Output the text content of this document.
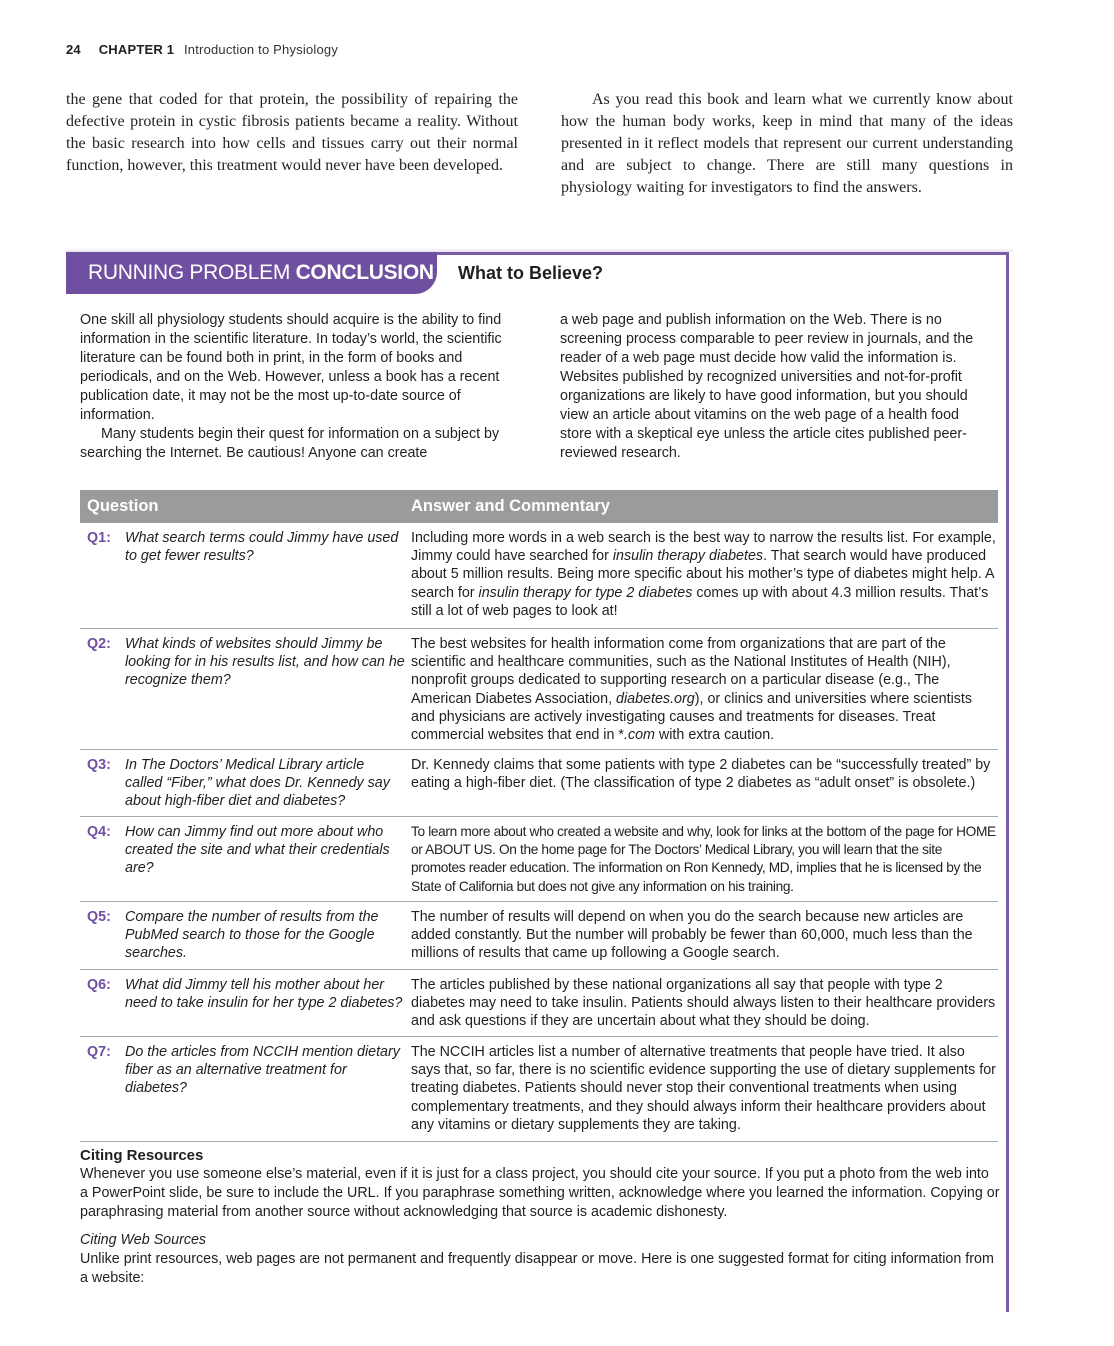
24 CHAPTER 1 Introduction to Physiology

the gene that coded for that protein, the possibility of repairing the defective protein in cystic fibrosis patients became a reality. Without the basic research into how cells and tissues carry out their normal function, however, this treatment would never have been developed.

As you read this book and learn what we currently know about how the human body works, keep in mind that many of the ideas presented in it reflect models that represent our current understanding and are subject to change. There are still many questions in physiology waiting for investigators to find the answers.

RUNNING PROBLEM CONCLUSION What to Believe?

One skill all physiology students should acquire is the ability to find information in the scientific literature. In today’s world, the scientific literature can be found both in print, in the form of books and periodicals, and on the Web. However, unless a book has a recent publication date, it may not be the most up-to-date source of information.

Many students begin their quest for information on a subject by searching the Internet. Be cautious! Anyone can create

a web page and publish information on the Web. There is no screening process comparable to peer review in journals, and the reader of a web page must decide how valid the information is. Websites published by recognized universities and not-for-profit organizations are likely to have good information, but you should view an article about vitamins on the web page of a health food store with a skeptical eye unless the article cites published peer-reviewed research.

Question	Answer and Commentary
Q1: What search terms could Jimmy have used to get fewer results?
Including more words in a web search is the best way to narrow the results list. For example, Jimmy could have searched for insulin therapy diabetes. That search would have produced about 5 million results. Being more specific about his mother’s type of diabetes might help. A search for insulin therapy for type 2 diabetes comes up with about 4.3 million results. That’s still a lot of web pages to look at!
Q2: What kinds of websites should Jimmy be looking for in his results list, and how can he recognize them?
The best websites for health information come from organizations that are part of the scientific and healthcare communities, such as the National Institutes of Health (NIH), nonprofit groups dedicated to supporting research on a particular disease (e.g., The American Diabetes Association, diabetes.org), or clinics and universities where scientists and physicians are actively investigating causes and treatments for diseases. Treat commercial websites that end in *.com with extra caution.
Q3: In The Doctors’ Medical Library article called “Fiber,” what does Dr. Kennedy say about high-fiber diet and diabetes?
Dr. Kennedy claims that some patients with type 2 diabetes can be “successfully treated” by eating a high-fiber diet. (The classification of type 2 diabetes as “adult onset” is obsolete.)
Q4: How can Jimmy find out more about who created the site and what their credentials are?
To learn more about who created a website and why, look for links at the bottom of the page for HOME or ABOUT US. On the home page for The Doctors’ Medical Library, you will learn that the site promotes reader education. The information on Ron Kennedy, MD, implies that he is licensed by the State of California but does not give any information on his training.
Q5: Compare the number of results from the PubMed search to those for the Google searches.
The number of results will depend on when you do the search because new articles are added constantly. But the number will probably be fewer than 60,000, much less than the millions of results that came up following a Google search.
Q6: What did Jimmy tell his mother about her need to take insulin for her type 2 diabetes?
The articles published by these national organizations all say that people with type 2 diabetes may need to take insulin. Patients should always listen to their healthcare providers and ask questions if they are uncertain about what they should be doing.
Q7: Do the articles from NCCIH mention dietary fiber as an alternative treatment for diabetes?
The NCCIH articles list a number of alternative treatments that people have tried. It also says that, so far, there is no scientific evidence supporting the use of dietary supplements for treating diabetes. Patients should never stop their conventional treatments when using complementary treatments, and they should always inform their healthcare providers about any vitamins or dietary supplements they are taking.
Citing Resources

Whenever you use someone else’s material, even if it is just for a class project, you should cite your source. If you put a photo from the web into a PowerPoint slide, be sure to include the URL. If you paraphrase something written, acknowledge where you learned the information. Copying or paraphrasing material from another source without acknowledging that source is academic dishonesty.

Citing Web Sources

Unlike print resources, web pages are not permanent and frequently disappear or move. Here is one suggested format for citing information from a website:
